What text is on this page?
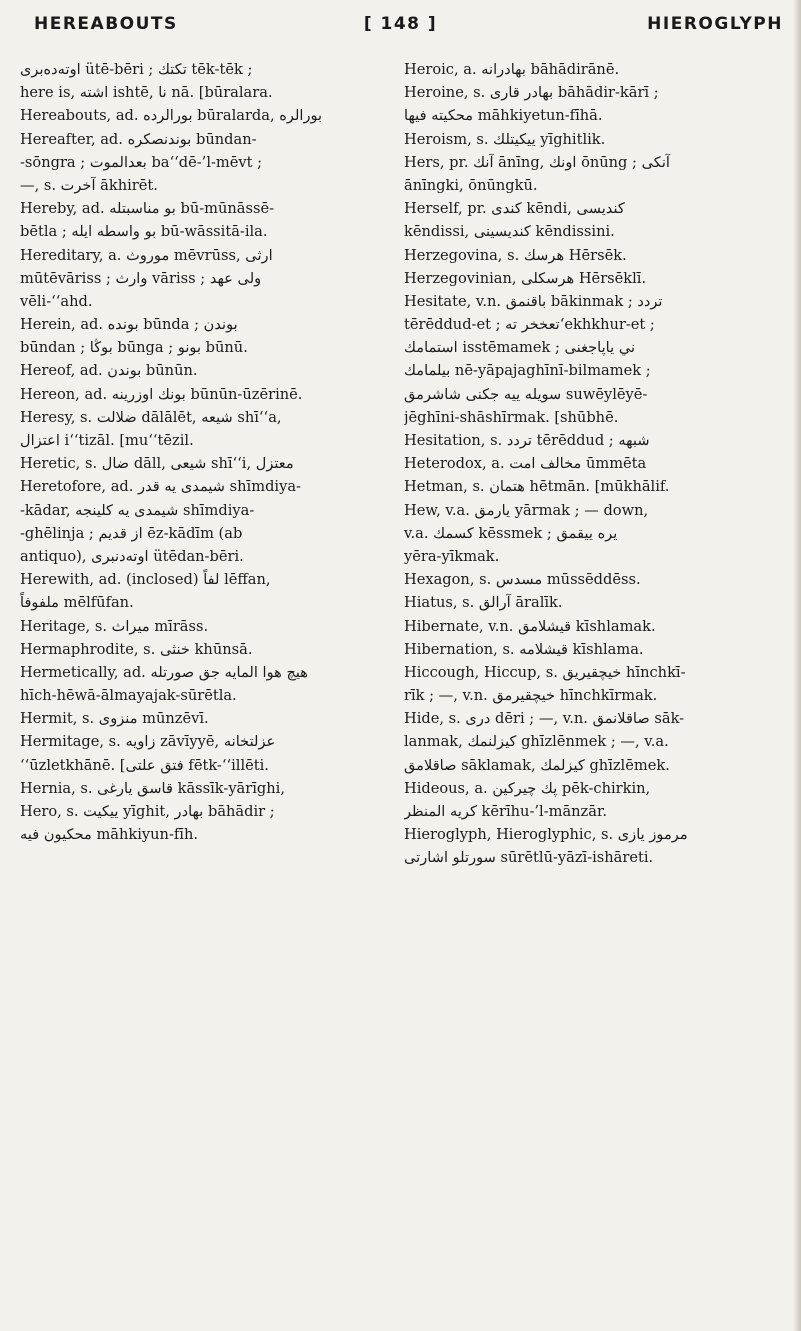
HEREABOUTS	[ 148 ]	HIEROGLYPH
اوته‌ده‌بری ütē-bēri ; تكتك tēk-tēk ;
here is, اشته ishtē, نا nā. [būralara.
Hereabouts, ad. بورالرده būralarda, بورالره
Hereafter, ad. بوندنصكره būndan-
-sōngra ; بعدالموت ba‘‘dē-’l-mēvt ;
—, s. آخرت ākhirēt.
Hereby, ad. بو مناسبتله bū-mūnāssē-
bētla ; بو واسطه ايله bū-wāssitā-ila.
Hereditary, a. موروث mēvrūss, ارثى
mūtēvāriss ; وارث vāriss ; ولى عهد
vēli-‘‘ahd.
Herein, ad. بونده būnda ; بوندن
būndan ; بوڭا būnga ; بونو būnū.
Hereof, ad. بوندن būnūn.
Hereon, ad. بونك اوزرينه būnūn-ūzērinē.
Heresy, s. ضلالت dālālēt, شيعه shī‘‘a,
اعتزال i‘‘tizāl. [mu‘‘tēzil.
Heretic, s. ضال dāll, شيعى shī‘‘i, معتزل
Heretofore, ad. شيمدى يه قدر shīmdiya-
-kādar, شيمدى يه كلينجه shīmdiya-
-ghēlinja ; از قديم ēz-kādīm (ab
antiquo), اوته‌دنبرى ütēdan-bēri.
Herewith, ad. (inclosed) لفاً lēffan,
ملفوفاً mēlfūfan.
Heritage, s. ميراث mīrāss.
Hermaphrodite, s. خنثى khūnsā.
Hermetically, ad. هيچ هوا المايه جق صورتله
hīch-hēwā-ālmayajak-sūrētla.
Hermit, s. منزوى mūnzēvī.
Hermitage, s. زاويه zāvīyyē, عزلتخانه
‘‘ūzletkhānē. [فتق علتى fētk-‘‘illēti.
Hernia, s. قاسق يارغى kāssīk-yārīghi,
Hero, s. ييكيت yīghit, بهادر bāhādir ;
محكيون فيه māhkiyun-fīh.
Heroic, a. بهادرانه bāhādirānē.
Heroine, s. بهادر قارى bāhādir-kārī ;
محكيته فيها māhkiyetun-fīhā.
Heroism, s. ييكيتلك yīghitlik.
Hers, pr. آنك ānīng, اونك ōnūng ; آنكى
ānīngki, ōnūngkū.
Herself, pr. كندى kēndi, كنديسى
kēndissi, كنديسينى kēndissini.
Herzegovina, s. هرسك Hērsēk.
Herzegovinian, هرسكلى Hērsēklī.
Hesitate, v.n. باقنمق bākinmak ; تردد
tērēddud-et ; تعخخر ته‘ekhkhur-et ;
استمامك isstēmamek ; ني ياپاجغنى
بيلمامك nē-yāpajaghīnī-bilmamek ;
سويله ييه جكنى شاشرمق suwēylēyē-
jēghīni-shāshīrmak. [shūbhē.
Hesitation, s. تردد tērēddud ; شبهه
Heterodox, a. مخالف امت ūmmēta
Hetman, s. هتمان hētmān. [mūkhālif.
Hew, v.a. يارمق yārmak ; — down,
v.a. كسمك kēssmek ; يره ييقمق
yēra-yīkmak.
Hexagon, s. مسدس mūssēddēss.
Hiatus, s. آرالق āralīk.
Hibernate, v.n. قيشلامق kīshlamak.
Hibernation, s. قيشلامه kīshlama.
Hiccough, Hiccup, s. خيچقيريق hīnchkī-
rīk ; —, v.n. خيچقيرمق hīnchkīrmak.
Hide, s. درى dēri ; —, v.n. صاقلانمق sāk-
lanmak, كيزلنمك ghīzlēnmek ; —, v.a.
صاقلامق sāklamak, كيزلمك ghīzlēmek.
Hideous, a. پك چيركين pēk-chirkin,
كريه المنظر kērīhu-’l-mānzār.
Hieroglyph, Hieroglyphic, s. مرموز يازى
سورتلو اشارتى sūrētlū-yāzī-ishāreti.
